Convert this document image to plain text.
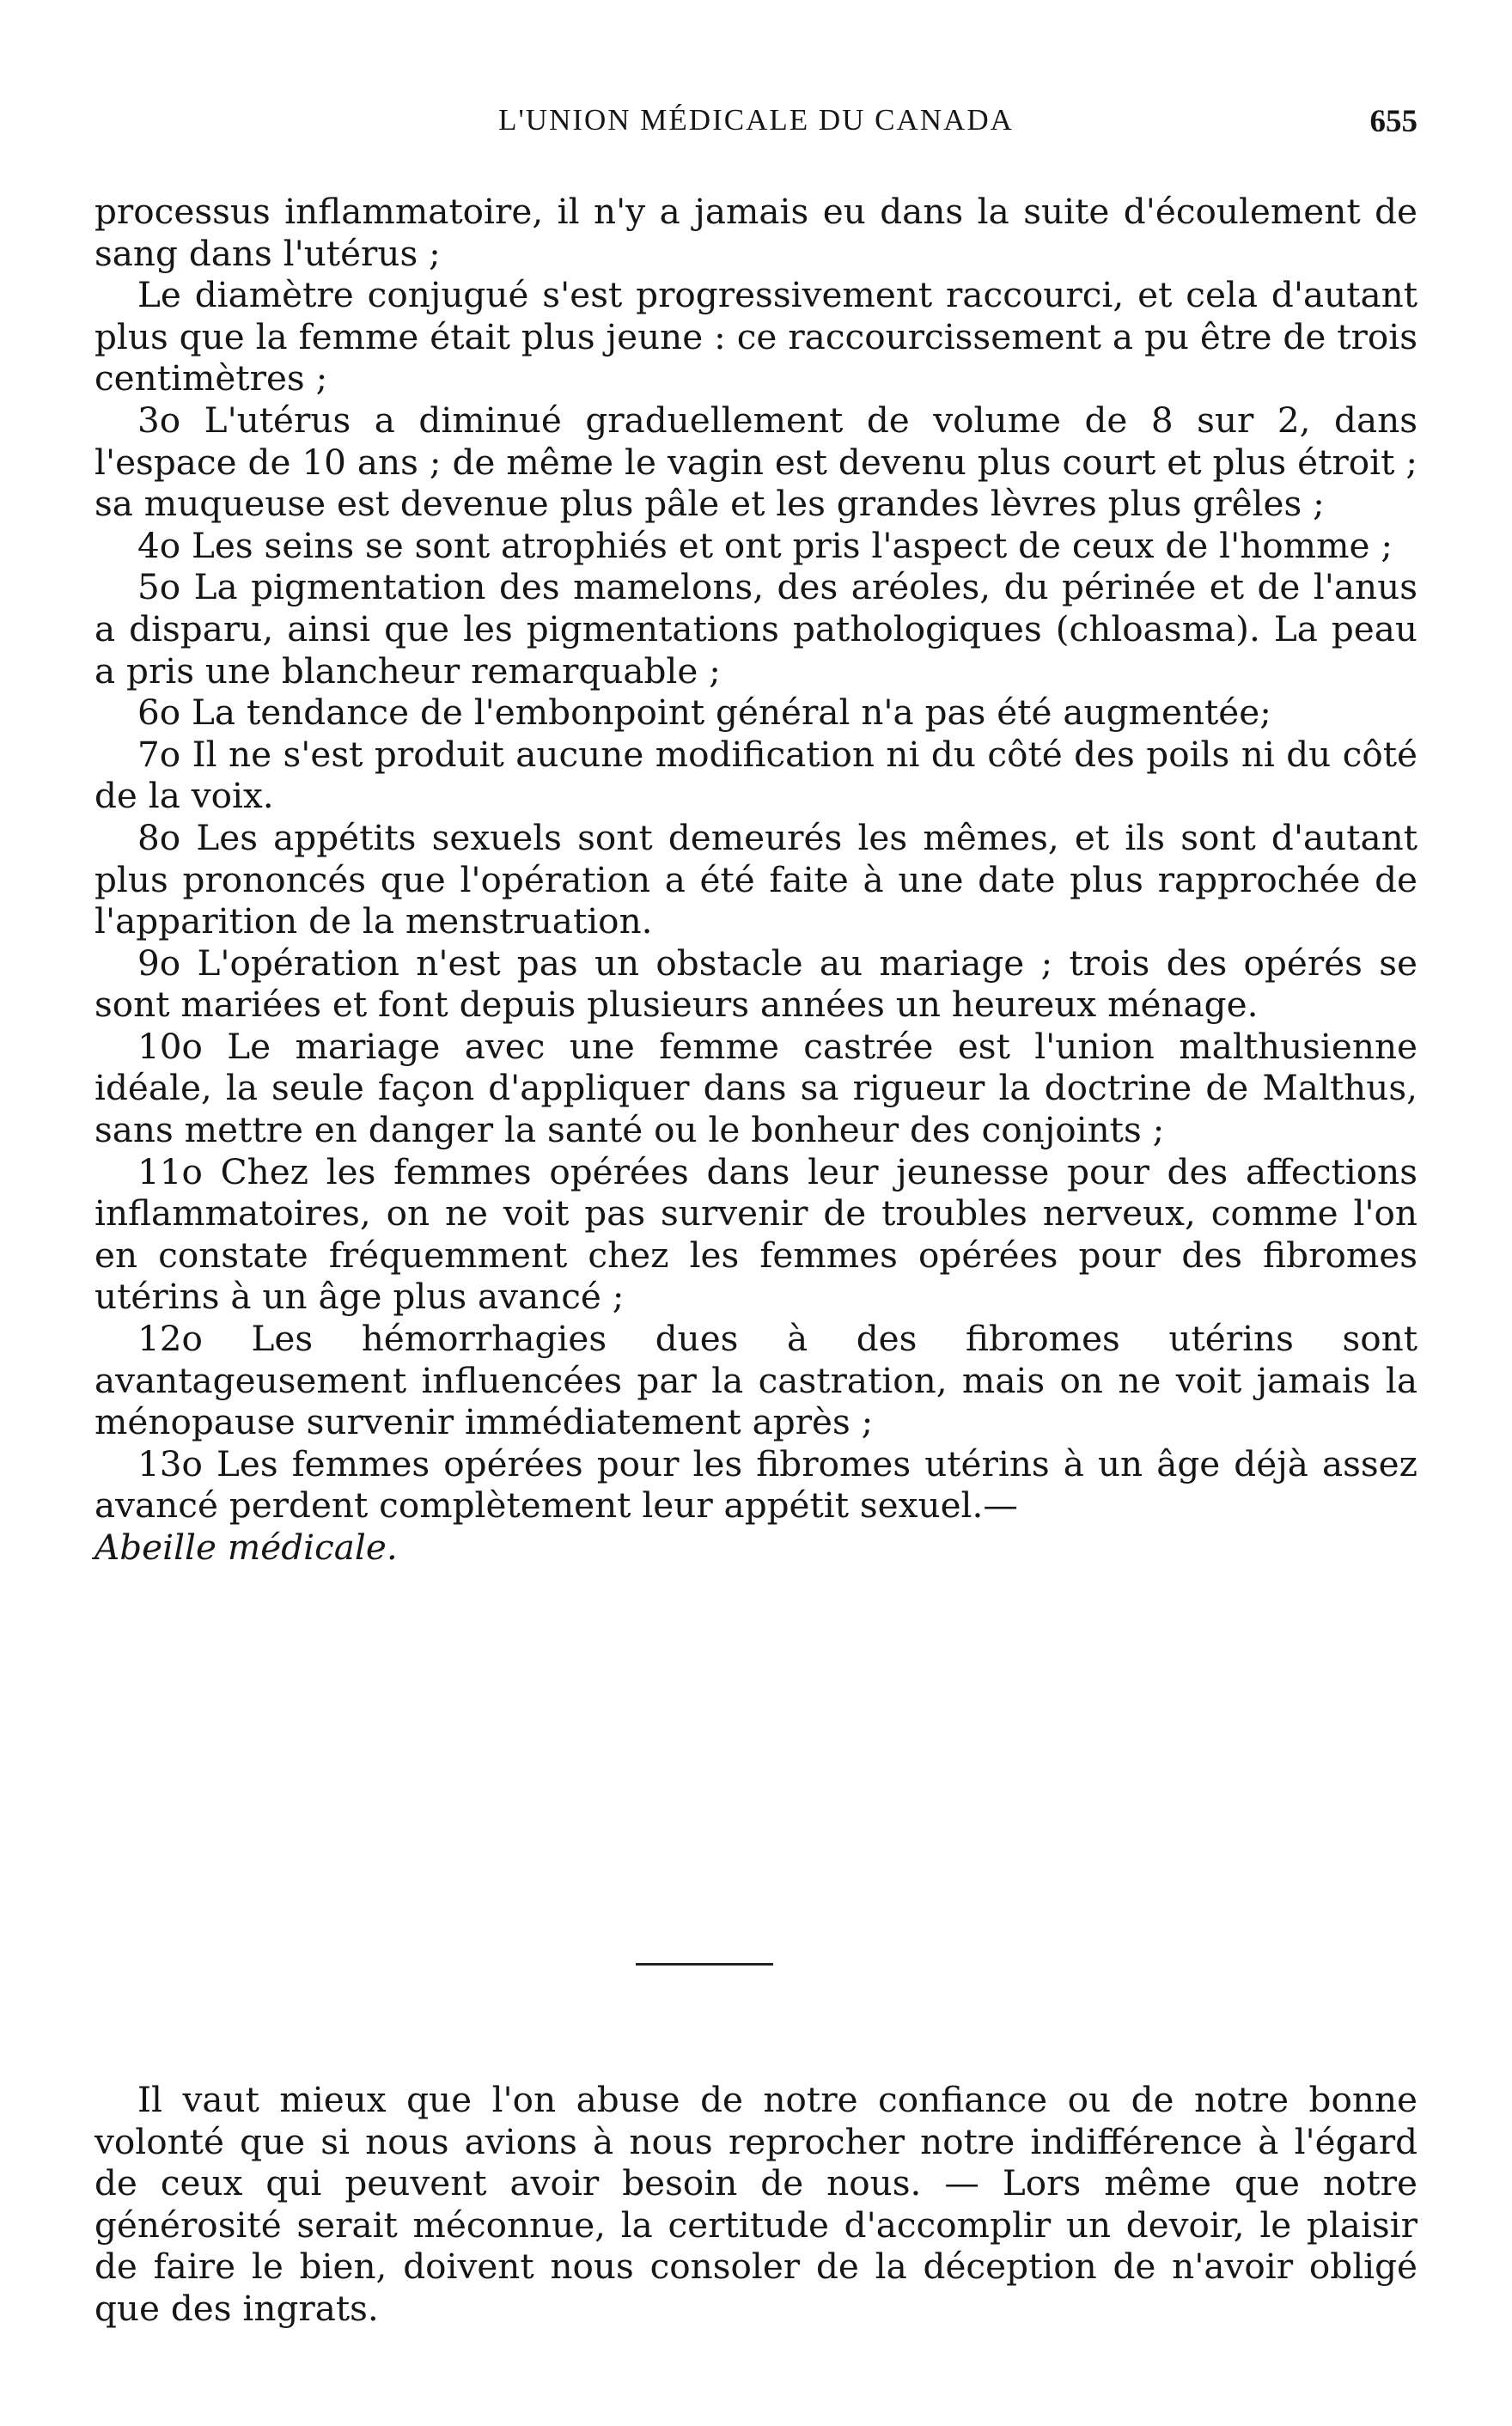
L'UNION MÉDICALE DU CANADA	655

processus inflammatoire, il n'y a jamais eu dans la suite d'écoulement de sang dans l'utérus ;

Le diamètre conjugué s'est progressivement raccourci, et cela d'autant plus que la femme était plus jeune : ce raccourcissement a pu être de trois centimètres ;

3o L'utérus a diminué graduellement de volume de 8 sur 2, dans l'espace de 10 ans ; de même le vagin est devenu plus court et plus étroit ; sa muqueuse est devenue plus pâle et les grandes lèvres plus grêles ;

4o Les seins se sont atrophiés et ont pris l'aspect de ceux de l'homme ;

5o La pigmentation des mamelons, des aréoles, du périnée et de l'anus a disparu, ainsi que les pigmentations pathologiques (chloasma). La peau a pris une blancheur remarquable ;

6o La tendance de l'embonpoint général n'a pas été augmentée;

7o Il ne s'est produit aucune modification ni du côté des poils ni du côté de la voix.

8o Les appétits sexuels sont demeurés les mêmes, et ils sont d'autant plus prononcés que l'opération a été faite à une date plus rapprochée de l'apparition de la menstruation.

9o L'opération n'est pas un obstacle au mariage ; trois des opérés se sont mariées et font depuis plusieurs années un heureux ménage.

10o Le mariage avec une femme castrée est l'union malthusienne idéale, la seule façon d'appliquer dans sa rigueur la doctrine de Malthus, sans mettre en danger la santé ou le bonheur des conjoints ;

11o Chez les femmes opérées dans leur jeunesse pour des affections inflammatoires, on ne voit pas survenir de troubles nerveux, comme l'on en constate fréquemment chez les femmes opérées pour des fibromes utérins à un âge plus avancé ;

12o Les hémorrhagies dues à des fibromes utérins sont avantageusement influencées par la castration, mais on ne voit jamais la ménopause survenir immédiatement après ;

13o Les femmes opérées pour les fibromes utérins à un âge déjà assez avancé perdent complètement leur appétit sexuel.—

Abeille médicale.

Il vaut mieux que l'on abuse de notre confiance ou de notre bonne volonté que si nous avions à nous reprocher notre indifférence à l'égard de ceux qui peuvent avoir besoin de nous. — Lors même que notre générosité serait méconnue, la certitude d'accomplir un devoir, le plaisir de faire le bien, doivent nous consoler de la déception de n'avoir obligé que des ingrats.
